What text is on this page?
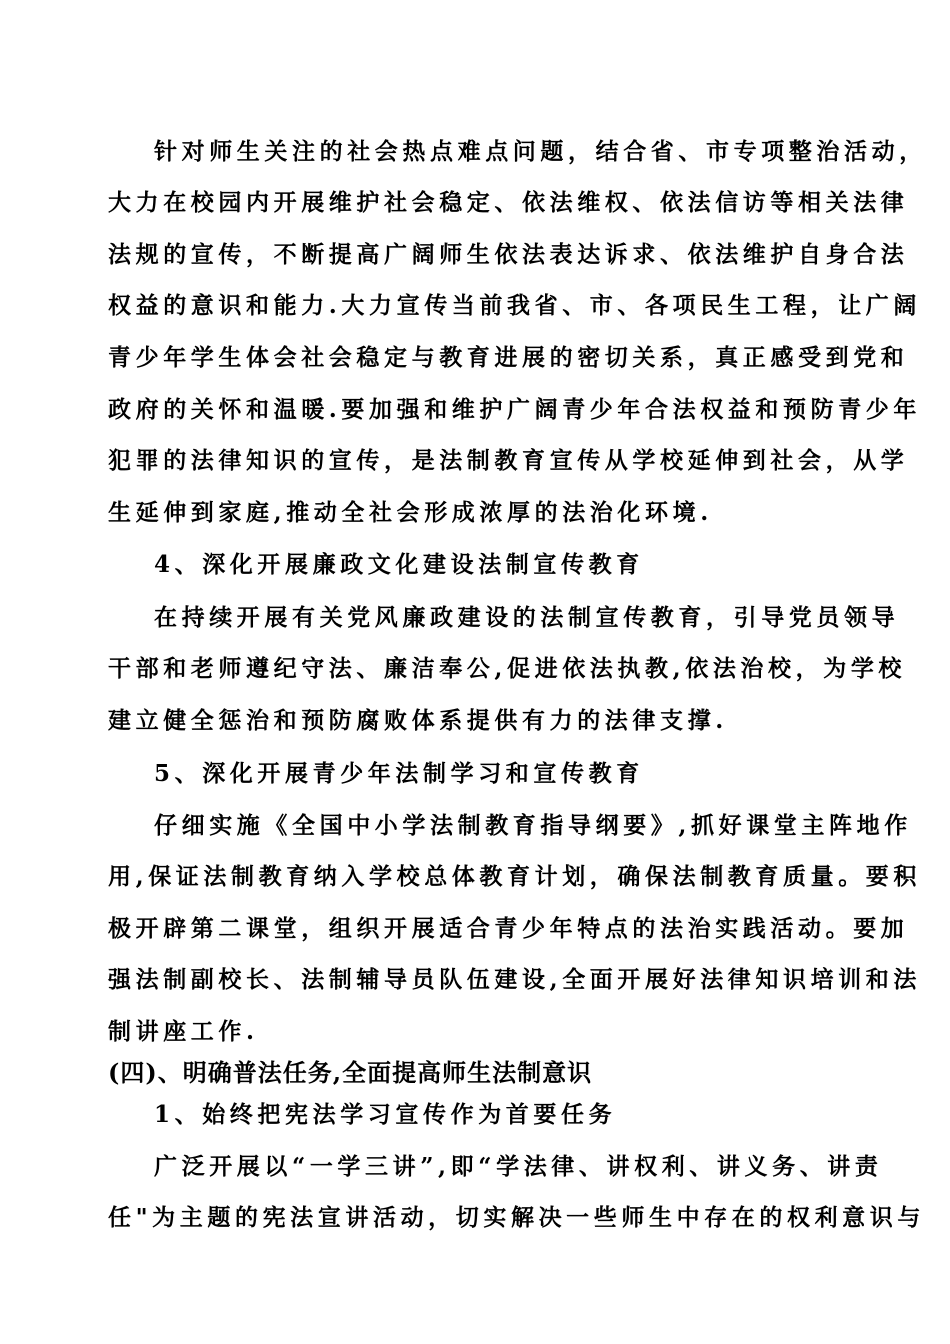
针对师生关注的社会热点难点问题，结合省、市专项整治活动，
大力在校园内开展维护社会稳定、依法维权、依法信访等相关法律
法规的宣传，不断提高广阔师生依法表达诉求、依法维护自身合法
权益的意识和能力.大力宣传当前我省、市、各项民生工程，让广阔
青少年学生体会社会稳定与教育进展的密切关系，真正感受到党和
政府的关怀和温暖.要加强和维护广阔青少年合法权益和预防青少年
犯罪的法律知识的宣传，是法制教育宣传从学校延伸到社会，从学
生延伸到家庭,推动全社会形成浓厚的法治化环境.
4、深化开展廉政文化建设法制宣传教育
在持续开展有关党风廉政建设的法制宣传教育，引导党员领导
干部和老师遵纪守法、廉洁奉公,促进依法执教,依法治校，为学校
建立健全惩治和预防腐败体系提供有力的法律支撑.
5、深化开展青少年法制学习和宣传教育
仔细实施《全国中小学法制教育指导纲要》,抓好课堂主阵地作
用,保证法制教育纳入学校总体教育计划，确保法制教育质量。要积
极开辟第二课堂，组织开展适合青少年特点的法治实践活动。要加
强法制副校长、法制辅导员队伍建设,全面开展好法律知识培训和法
制讲座工作.
(四)、明确普法任务,全面提高师生法制意识
1、始终把宪法学习宣传作为首要任务
广泛开展以“一学三讲”,即“学法律、讲权利、讲义务、讲责
任"为主题的宪法宣讲活动，切实解决一些师生中存在的权利意识与
